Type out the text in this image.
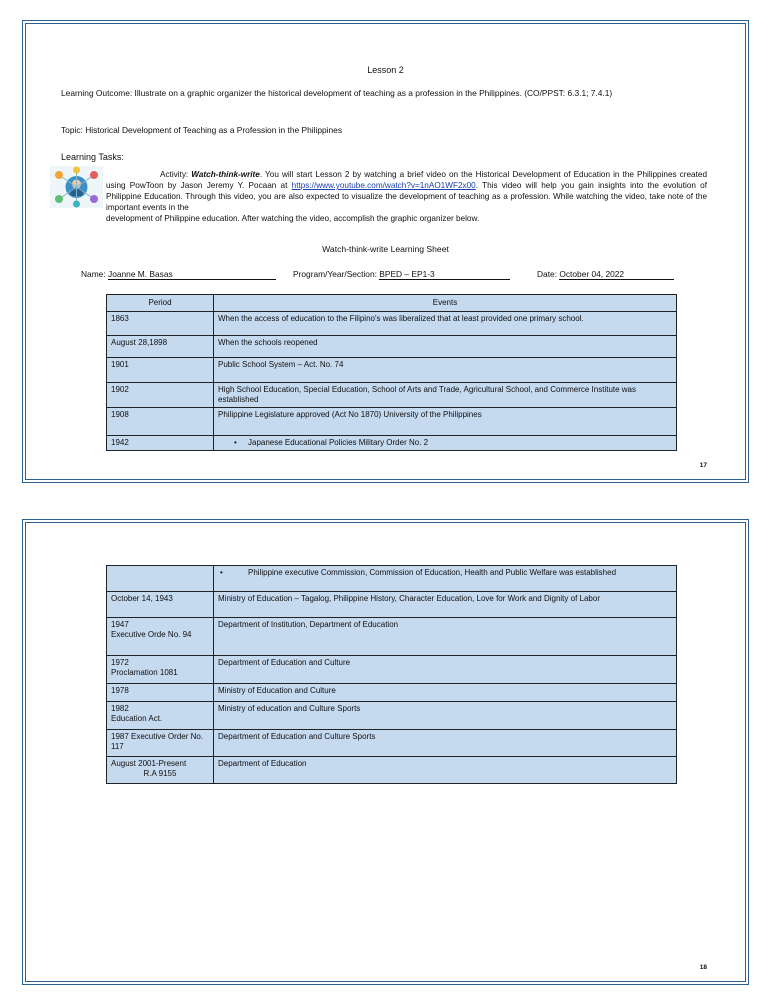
Lesson 2
Learning Outcome: Illustrate on a graphic organizer the historical development of teaching as a profession in the Philippines. (CO/PPST: 6.3.1; 7.4.1)
Topic: Historical Development of Teaching as a Profession in the Philippines
Learning Tasks:
Activity: Watch-think-write. You will start Lesson 2 by watching a brief video on the Historical Development of Education in the Philippines created using PowToon by Jason Jeremy Y. Pocaan at https://www.youtube.com/watch?v=1nAO1WF2x00. This video will help you gain insights into the evolution of Philippine Education. Through this video, you are also expected to visualize the development of teaching as a profession. While watching the video, take note of the important events in the
development of Philippine education. After watching the video, accomplish the graphic organizer below.
Watch-think-write Learning Sheet
Name: Joanne M. Basas	Program/Year/Section: BPED – EP1-3	Date: October 04, 2022
Period	Events
1863	When the access of education to the Filipino's was liberalized that at least provided one primary school.
August 28,1898	When the schools reopened
1901	Public School System – Act. No. 74
1902	High School Education, Special Education, School of Arts and Trade, Agricultural School, and Commerce Institute was established
1908	Philippine Legislature approved (Act No 1870) University of the Philippines
1942	• Japanese Educational Policies Military Order No. 2
17
	• Philippine executive Commission, Commission of Education, Health and Public Welfare was established
October 14, 1943	Ministry of Education – Tagalog, Philippine History, Character Education, Love for Work and Dignity of Labor
1947
Executive Orde No. 94	Department of Institution, Department of Education
1972
Proclamation 1081	Department of Education and Culture
1978	Ministry of Education and Culture
1982
Education Act.	Ministry of education and Culture Sports
1987 Executive Order No. 117	Department of Education and Culture Sports

August 2001-Present
R.A 9155	Department of Education
18
